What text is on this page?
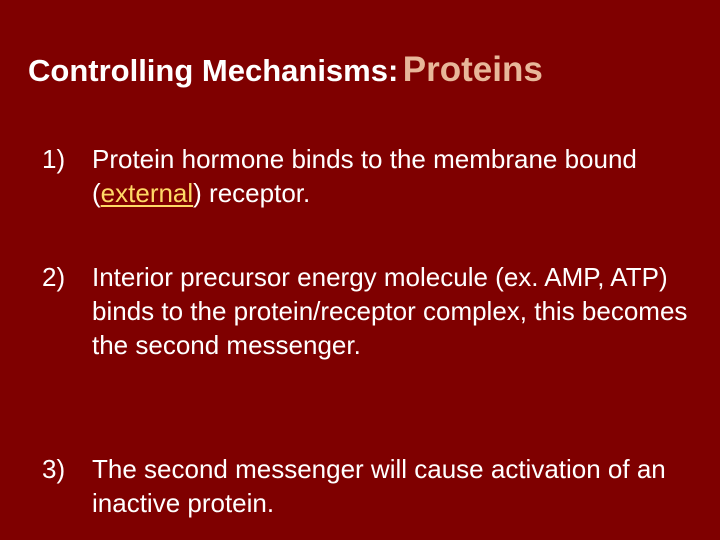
Controlling Mechanisms: Proteins
1) Protein hormone binds to the membrane bound (external) receptor.
2) Interior precursor energy molecule (ex. AMP, ATP) binds to the protein/receptor complex, this becomes the second messenger.
3) The second messenger will cause activation of an inactive protein.
